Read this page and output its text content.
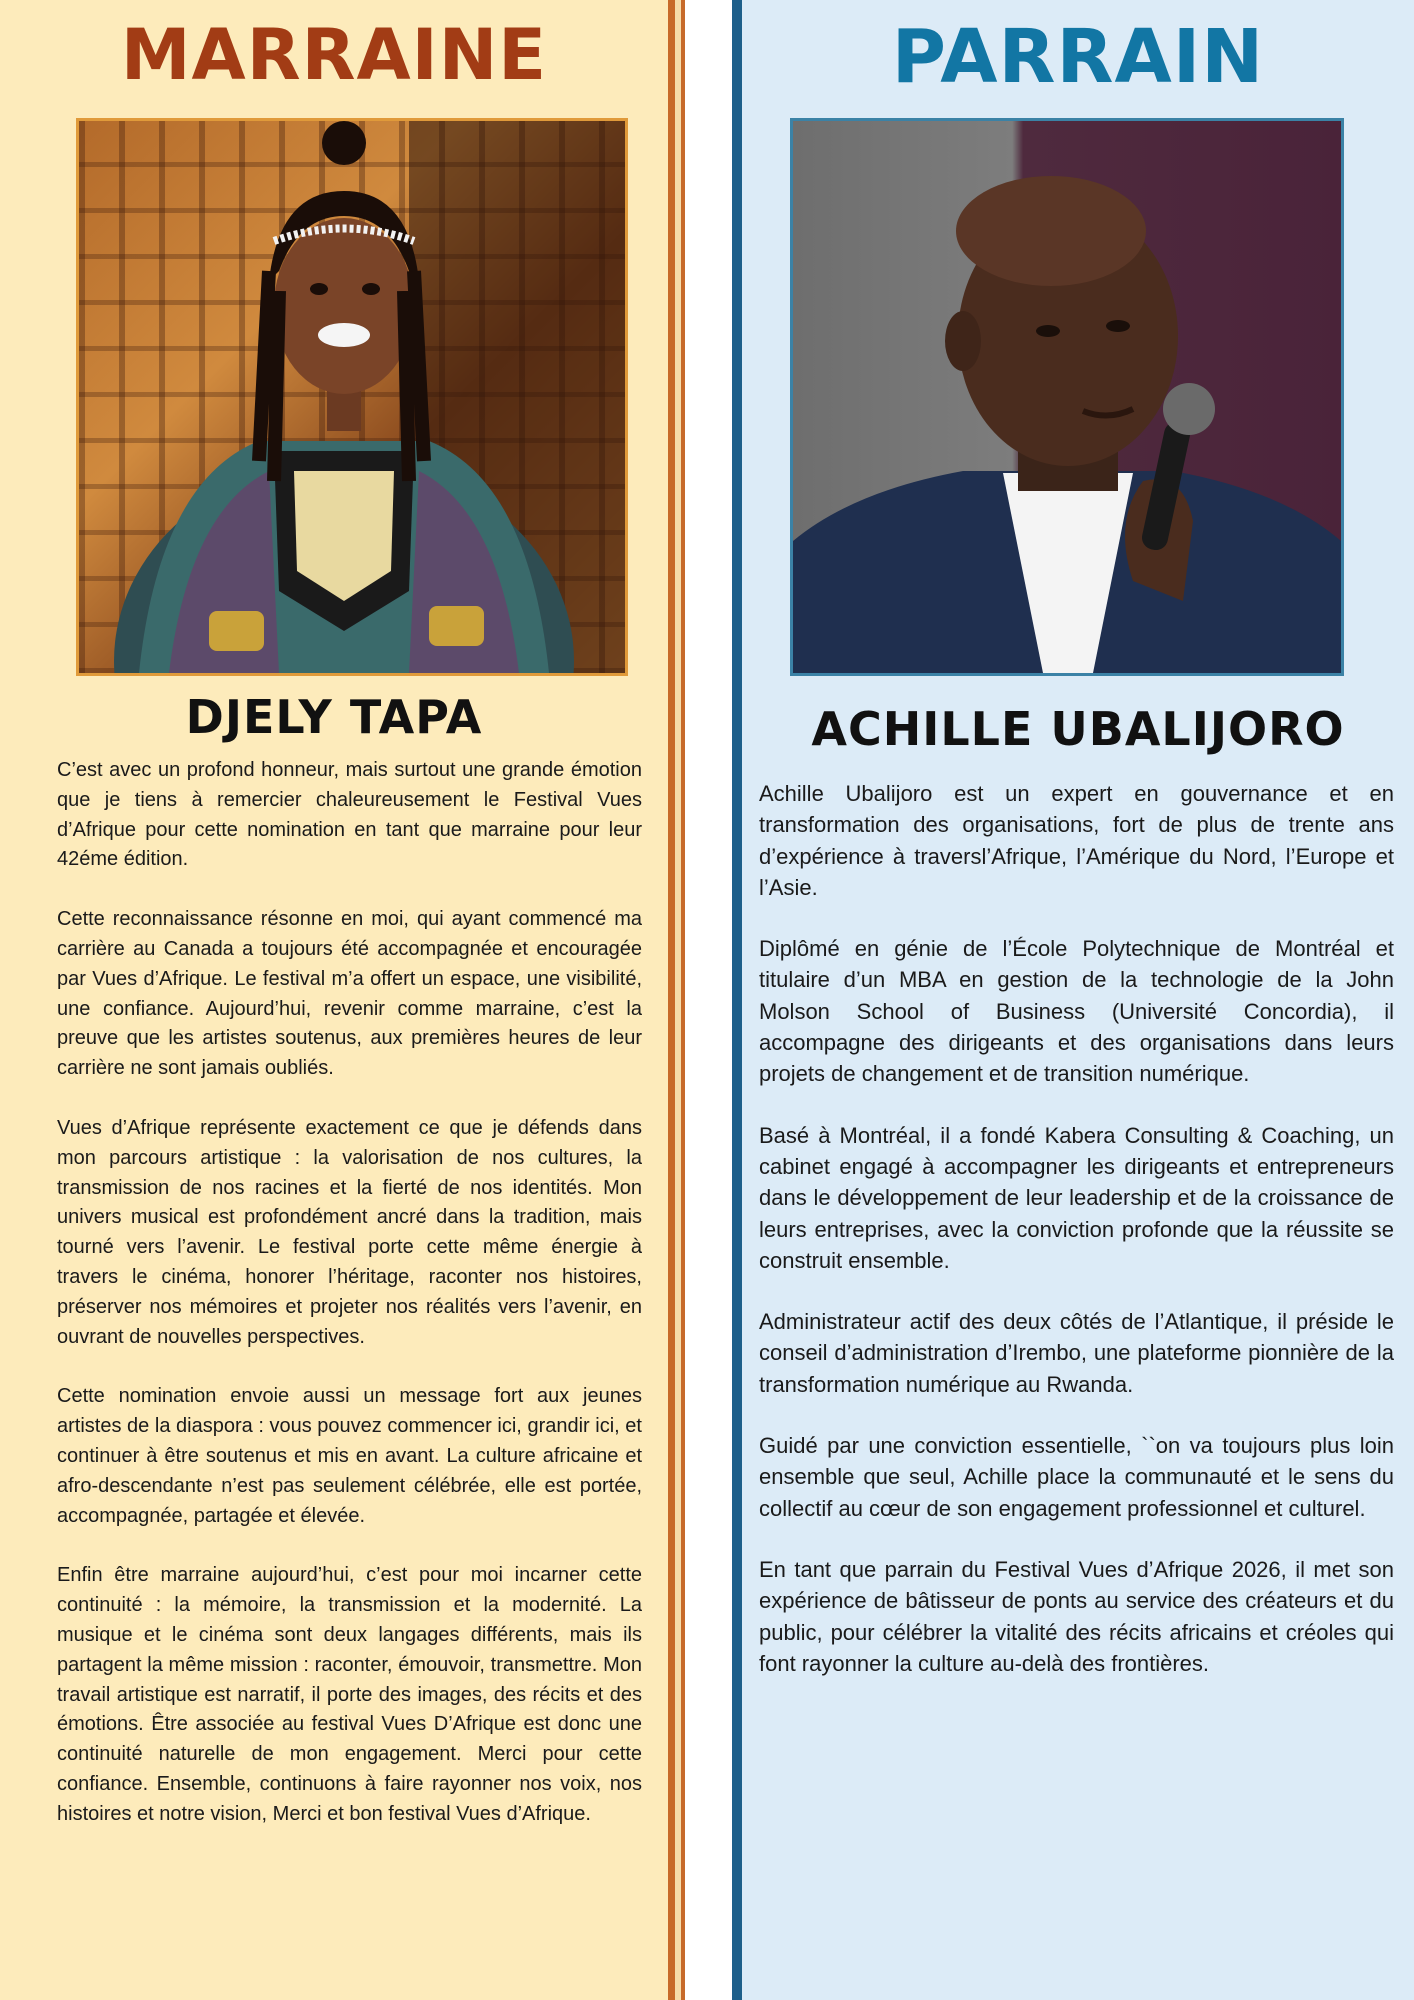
MARRAINE
DJELY TAPA

C’est avec un profond honneur, mais surtout une grande émotion que je tiens à remercier chaleureusement le Festival Vues d’Afrique pour cette nomination en tant que marraine pour leur 42éme édition.

Cette reconnaissance résonne en moi, qui ayant commencé ma carrière au Canada a toujours été accompagnée et encouragée par Vues d’Afrique. Le festival m’a offert un espace, une visibilité, une confiance. Aujourd’hui, revenir comme marraine, c’est la preuve que les artistes soutenus, aux premières heures de leur carrière ne sont jamais oubliés.

Vues d’Afrique représente exactement ce que je défends dans mon parcours artistique : la valorisation de nos cultures, la transmission de nos racines et la fierté de nos identités. Mon univers musical est profondément ancré dans la tradition, mais tourné vers l’avenir. Le festival porte cette même énergie à travers le cinéma, honorer l’héritage, raconter nos histoires, préserver nos mémoires et projeter nos réalités vers l’avenir, en ouvrant de nouvelles perspectives.

Cette nomination envoie aussi un message fort aux jeunes artistes de la diaspora : vous pouvez commencer ici, grandir ici, et continuer à être soutenus et mis en avant. La culture africaine et afro-descendante n’est pas seulement célébrée, elle est portée, accompagnée, partagée et élevée.

Enfin être marraine aujourd’hui, c’est pour moi incarner cette continuité : la mémoire, la transmission et la modernité. La musique et le cinéma sont deux langages différents, mais ils partagent la même mission : raconter, émouvoir, transmettre. Mon travail artistique est narratif, il porte des images, des récits et des émotions. Être associée au festival Vues D’Afrique est donc une continuité naturelle de mon engagement. Merci pour cette confiance. Ensemble, continuons à faire rayonner nos voix, nos histoires et notre vision, Merci et bon festival Vues d’Afrique.

PARRAIN
ACHILLE UBALIJORO

Achille Ubalijoro est un expert en gouvernance et en transformation des organisations, fort de plus de trente ans d’expérience à traversl’Afrique, l’Amérique du Nord, l’Europe et l’Asie.

Diplômé en génie de l’École Polytechnique de Montréal et titulaire d’un MBA en gestion de la technologie de la John Molson School of Business (Université Concordia), il accompagne des dirigeants et des organisations dans leurs projets de changement et de transition numérique.

Basé à Montréal, il a fondé Kabera Consulting & Coaching, un cabinet engagé à accompagner les dirigeants et entrepreneurs dans le développement de leur leadership et de la croissance de leurs entreprises, avec la conviction profonde que la réussite se construit ensemble.

Administrateur actif des deux côtés de l’Atlantique, il préside le conseil d’administration d’Irembo, une plateforme pionnière de la transformation numérique au Rwanda.

Guidé par une conviction essentielle, ``on va toujours plus loin ensemble que seul, Achille place la communauté et le sens du collectif au cœur de son engagement professionnel et culturel.

En tant que parrain du Festival Vues d’Afrique 2026, il met son expérience de bâtisseur de ponts au service des créateurs et du public, pour célébrer la vitalité des récits africains et créoles qui font rayonner la culture au-delà des frontières.
